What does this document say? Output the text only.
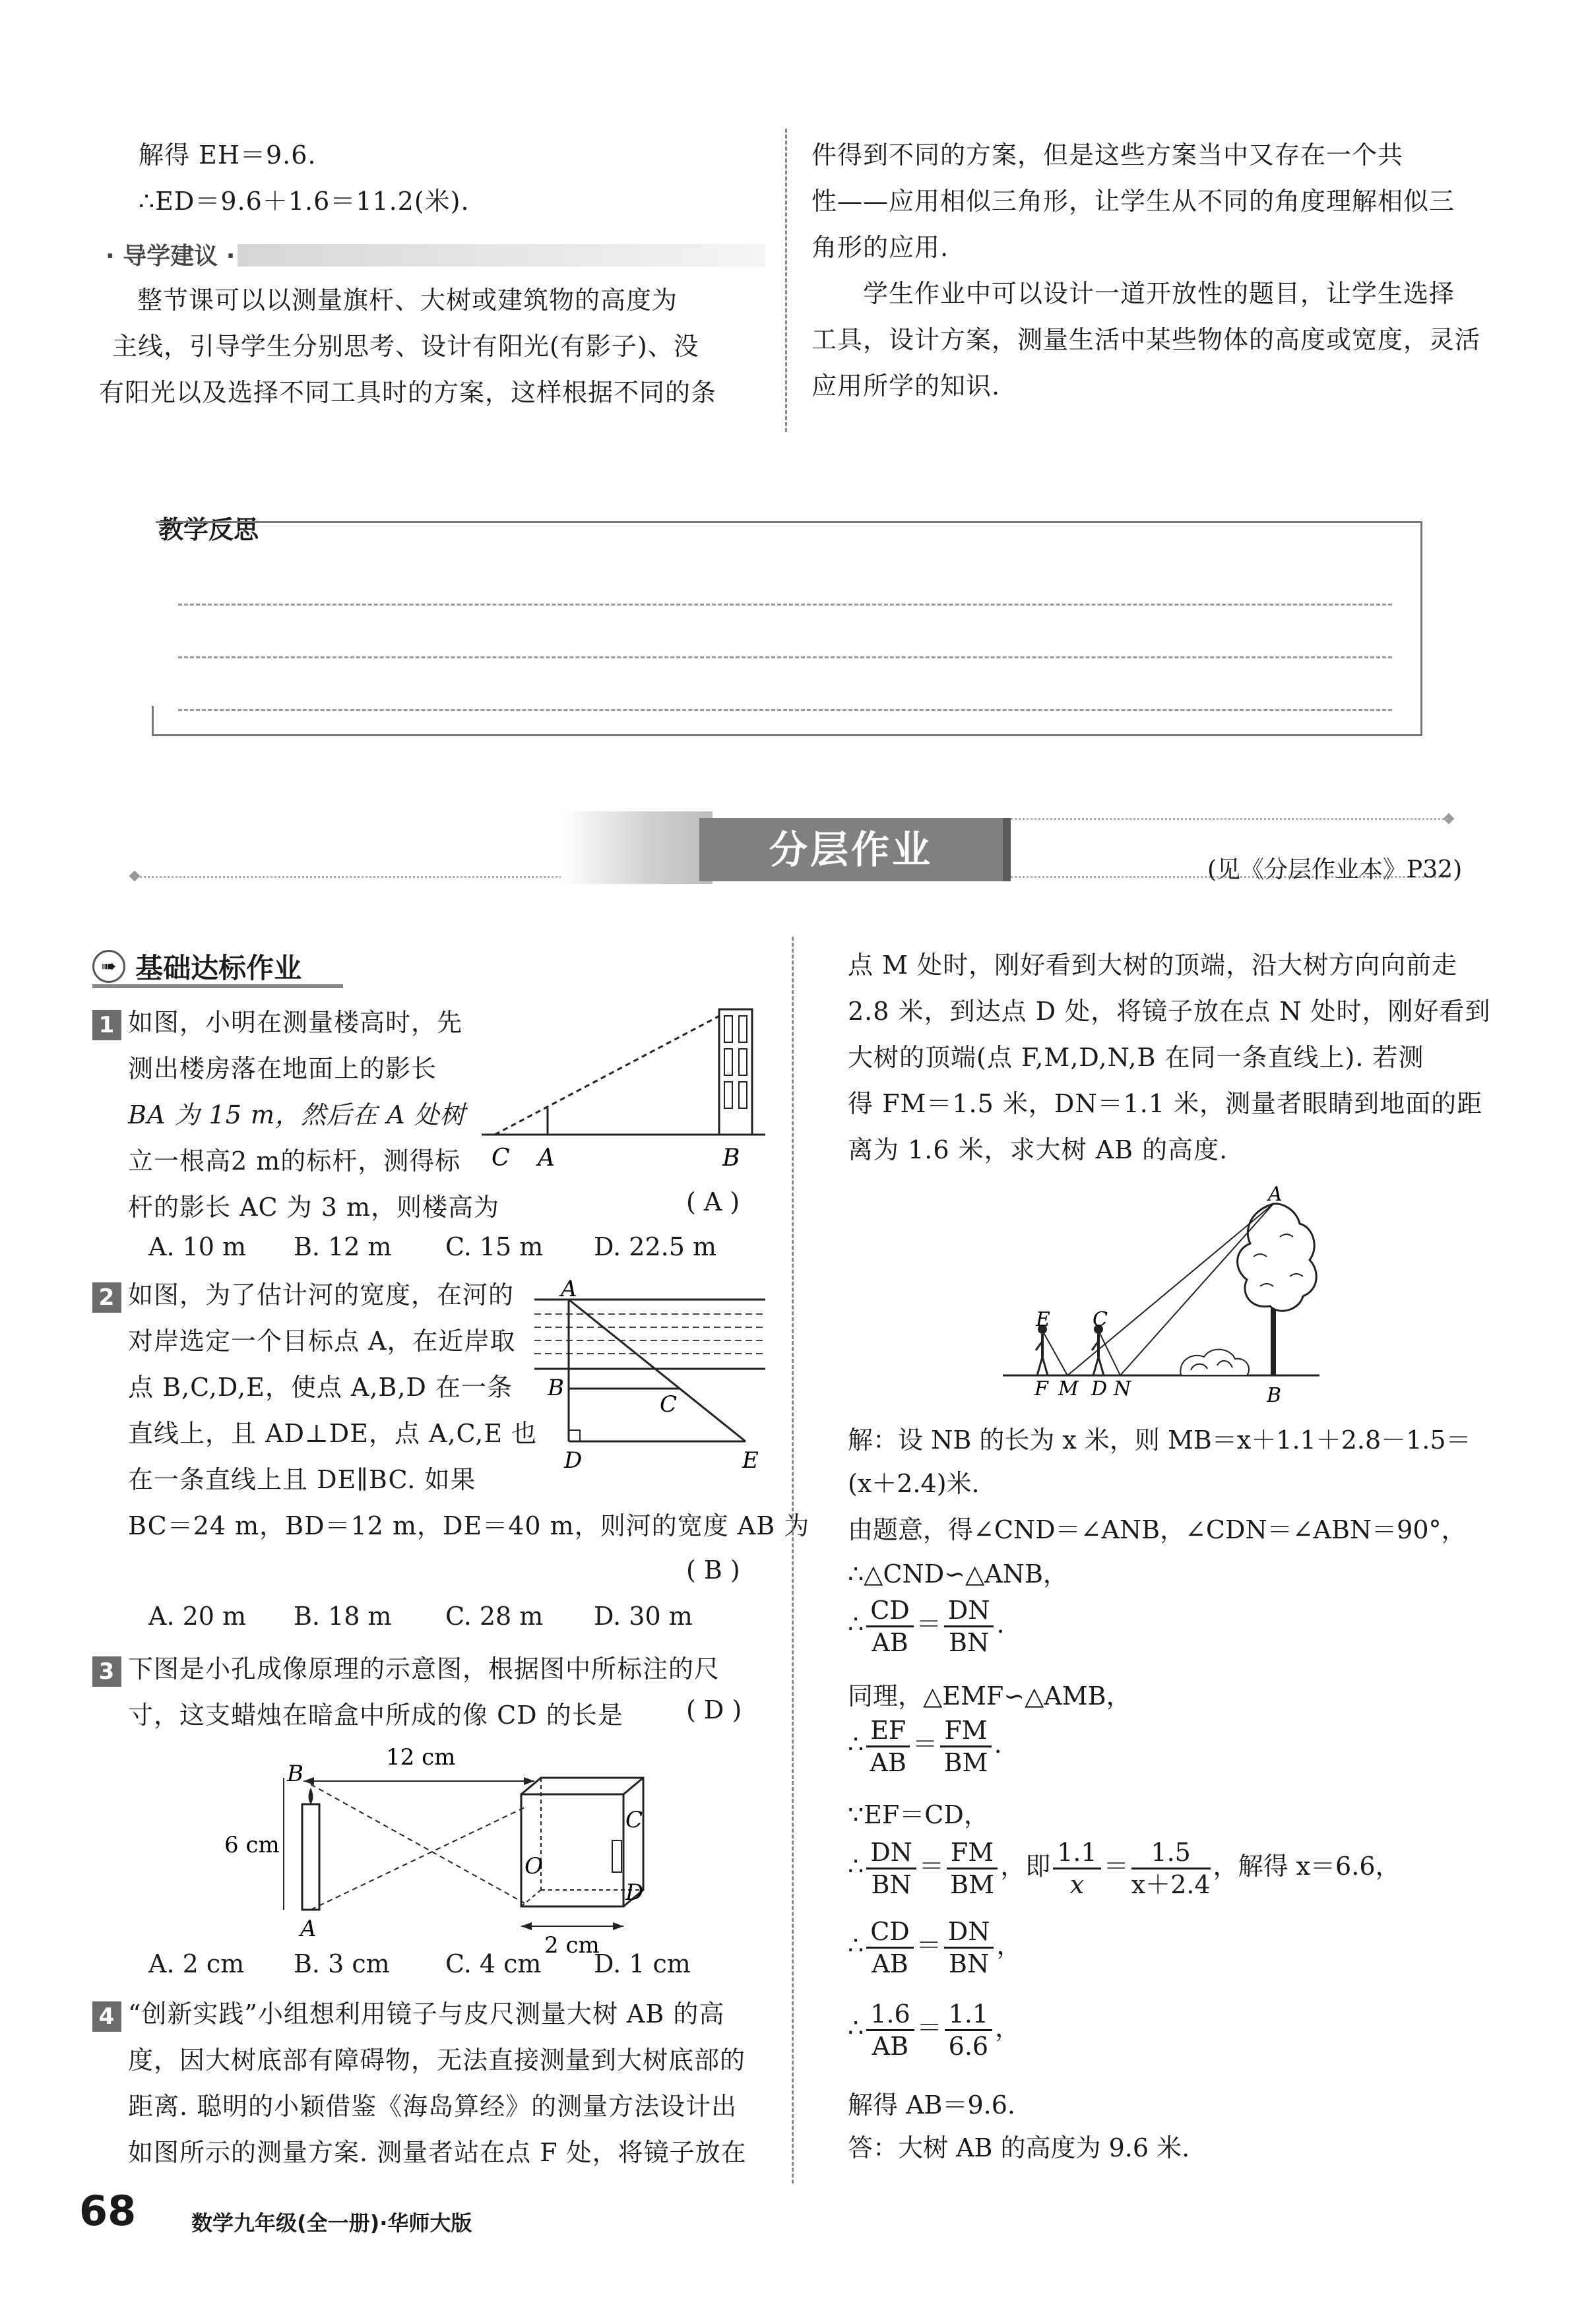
解得 EH＝9.6.
∴ED＝9.6＋1.6＝11.2(米).
· 导学建议 ·
整节课可以以测量旗杆、大树或建筑物的高度为
主线，引导学生分别思考、设计有阳光(有影子)、没
有阳光以及选择不同工具时的方案，这样根据不同的条
件得到不同的方案，但是这些方案当中又存在一个共
性——应用相似三角形，让学生从不同的角度理解相似三
角形的应用.
学生作业中可以设计一道开放性的题目，让学生选择
工具，设计方案，测量生活中某些物体的高度或宽度，灵活
应用所学的知识.
教学反思
分层作业	(见《分层作业本》P32)
➠ 基础达标作业
1 如图，小明在测量楼高时，先
测出楼房落在地面上的影长
BA 为 15 m，然后在 A 处树
立一根高2 m的标杆，测得标
杆的影长 AC 为 3 m，则楼高为	( A )
A. 10 m B. 12 m C. 15 m D. 22.5 m
C A	B
2 如图，为了估计河的宽度，在河的
对岸选定一个目标点 A，在近岸取
点 B,C,D,E，使点 A,B,D 在一条
直线上，且 AD⊥DE，点 A,C,E 也
在一条直线上且 DE∥BC. 如果
BC＝24 m，BD＝12 m，DE＝40 m，则河的宽度 AB 为
( B )
A. 20 m B. 18 m C. 28 m D. 30 m
A
B
C
D	E
3 下图是小孔成像原理的示意图，根据图中所标注的尺
寸，这支蜡烛在暗盒中所成的像 CD 的长是	( D )
12 cm
6 cm
2 cm
B
A
C
D
O
A. 2 cm B. 3 cm C. 4 cm D. 1 cm
4 “创新实践”小组想利用镜子与皮尺测量大树 AB 的高
度，因大树底部有障碍物，无法直接测量到大树底部的
距离. 聪明的小颖借鉴《海岛算经》的测量方法设计出
如图所示的测量方案. 测量者站在点 F 处，将镜子放在
点 M 处时，刚好看到大树的顶端，沿大树方向向前走
2.8 米，到达点 D 处，将镜子放在点 N 处时，刚好看到
大树的顶端(点 F,M,D,N,B 在同一条直线上). 若测
得 FM＝1.5 米，DN＝1.1 米，测量者眼睛到地面的距
离为 1.6 米，求大树 AB 的高度.
A
E C
F M D N	B
解：设 NB 的长为 x 米，则 MB＝x＋1.1＋2.8－1.5＝
(x＋2.4)米.
由题意，得∠CND＝∠ANB，∠CDN＝∠ABN＝90°，
∴△CND∽△ANB，
∴ $\frac{CD}{AB} = \frac{DN}{BN}$ .
同理，△EMF∽△AMB，
∴ $\frac{EF}{AB} = \frac{FM}{BM}$ .
∵EF＝CD，
∴ $\frac{DN}{BN} = \frac{FM}{BM}$ ，即 $\frac{1.1}{x} = \frac{1.5}{x+2.4}$ ，解得 x＝6.6，
∴ $\frac{CD}{AB} = \frac{DN}{BN}$ ，
∴ $\frac{1.6}{AB} = \frac{1.1}{6.6}$ ，
解得 AB＝9.6.
答：大树 AB 的高度为 9.6 米.
68	数学九年级(全一册)·华师大版
